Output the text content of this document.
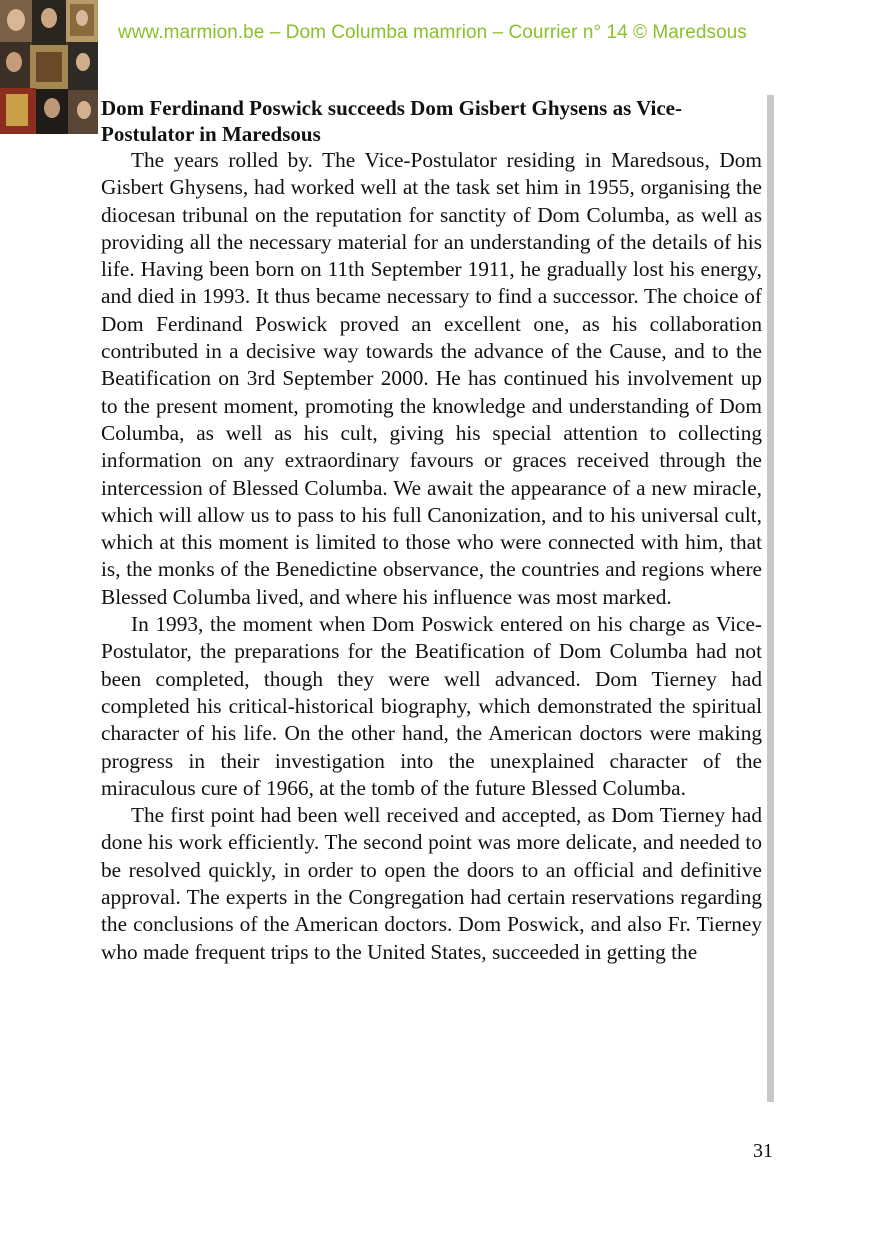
www.marmion.be – Dom Columba mamrion – Courrier n° 14 © Maredsous
Dom Ferdinand Poswick succeeds Dom Gisbert Ghysens as Vice-Postulator in Maredsous

The years rolled by. The Vice-Postulator residing in Maredsous, Dom Gisbert Ghysens, had worked well at the task set him in 1955, organising the diocesan tribunal on the reputation for sanctity of Dom Columba, as well as providing all the necessary material for an understanding of the details of his life. Having been born on 11th September 1911, he gradually lost his energy, and died in 1993. It thus became necessary to find a successor. The choice of Dom Ferdinand Poswick proved an excellent one, as his collaboration contributed in a decisive way towards the advance of the Cause, and to the Beatification on 3rd September 2000. He has continued his involvement up to the present moment, promoting the knowledge and understanding of Dom Columba, as well as his cult, giving his special attention to collecting information on any extraordinary favours or graces received through the intercession of Blessed Columba. We await the appearance of a new miracle, which will allow us to pass to his full Canonization, and to his universal cult, which at this moment is limited to those who were connected with him, that is, the monks of the Benedictine observance, the countries and regions where Blessed Columba lived, and where his influence was most marked.

In 1993, the moment when Dom Poswick entered on his charge as Vice-Postulator, the preparations for the Beatification of Dom Columba had not been completed, though they were well advanced. Dom Tierney had completed his critical-historical biography, which demonstrated the spiritual character of his life. On the other hand, the American doctors were making progress in their investigation into the unexplained character of the miraculous cure of 1966, at the tomb of the future Blessed Columba.

The first point had been well received and accepted, as Dom Tierney had done his work efficiently. The second point was more delicate, and needed to be resolved quickly, in order to open the doors to an official and definitive approval. The experts in the Congregation had certain reservations regarding the conclusions of the American doctors. Dom Poswick, and also Fr. Tierney who made frequent trips to the United States, succeeded in getting the

31
